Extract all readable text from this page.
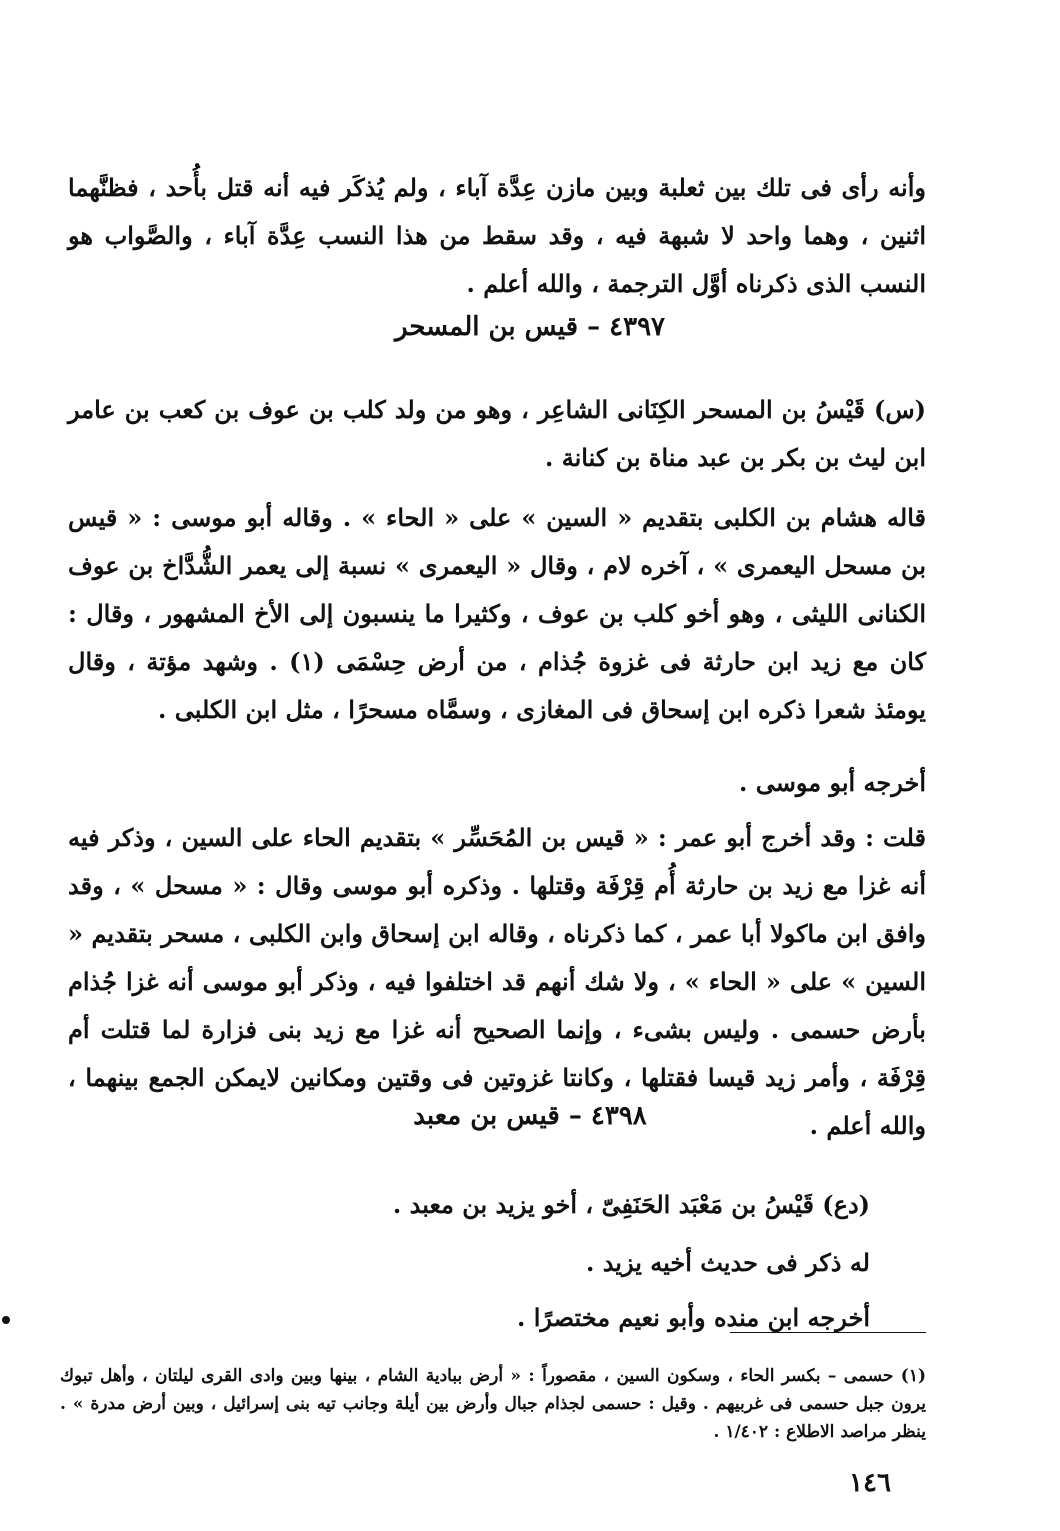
وأنه رأى فى تلك بين ثعلبة وبين مازن عِدَّة آباء ، ولم يُذكَر فيه أنه قتل بأُحد ، فظنَّهما اثنين ، وهما واحد لا شبهة فيه ، وقد سقط من هذا النسب عِدَّة آباء ، والصَّواب هو النسب الذى ذكرناه أوَّل الترجمة ، والله أعلم .

٤٣٩٧ – قيس بن المسحر

(س) قَيْسُ بن المسحر الكِنَانى الشاعِر ، وهو من ولد كلب بن عوف بن كعب بن عامر ابن ليث بن بكر بن عبد مناة بن كنانة .

قاله هشام بن الكلبى بتقديم « السين » على « الحاء » . وقاله أبو موسى : « قيس بن مسحل اليعمرى » ، آخره لام ، وقال « اليعمرى » نسبة إلى يعمر الشُّدَّاخ بن عوف الكنانى الليثى ، وهو أخو كلب بن عوف ، وكثيرا ما ينسبون إلى الأخ المشهور ، وقال : كان مع زيد ابن حارثة فى غزوة جُذام ، من أرض حِسْمَى (١) . وشهد مؤتة ، وقال يومئذ شعرا ذكره ابن إسحاق فى المغازى ، وسمَّاه مسحرًا ، مثل ابن الكلبى .

أخرجه أبو موسى .

قلت : وقد أخرج أبو عمر : « قيس بن المُحَسِّر » بتقديم الحاء على السين ، وذكر فيه أنه غزا مع زيد بن حارثة أُم قِرْفَة وقتلها . وذكره أبو موسى وقال : « مسحل » ، وقد وافق ابن ماكولا أبا عمر ، كما ذكرناه ، وقاله ابن إسحاق وابن الكلبى ، مسحر بتقديم « السين » على « الحاء » ، ولا شك أنهم قد اختلفوا فيه ، وذكر أبو موسى أنه غزا جُذام بأرض حسمى . وليس بشىء ، وإنما الصحيح أنه غزا مع زيد بنى فزارة لما قتلت أم قِرْفَة ، وأمر زيد قيسا فقتلها ، وكانتا غزوتين فى وقتين ومكانين لايمكن الجمع بينهما ، والله أعلم .

٤٣٩٨ – قيس بن معبد

(دع) قَيْسُ بن مَعْبَد الحَنَفِىّ ، أخو يزيد بن معبد .

له ذكر فى حديث أخيه يزيد .

أخرجه ابن منده وأبو نعيم مختصرًا .

(١) حسمى – بكسر الحاء ، وسكون السين ، مقصوراً : « أرض ببادية الشام ، بينها وبين وادى القرى ليلتان ، وأهل تبوك يرون جبل حسمى فى غربيهم . وقيل : حسمى لجذام جبال وأرض بين أيلة وجانب تيه بنى إسرائيل ، وبين أرض مدرة » . ينظر مراصد الاطلاع : ١/٤٠٢ .

١٤٦
